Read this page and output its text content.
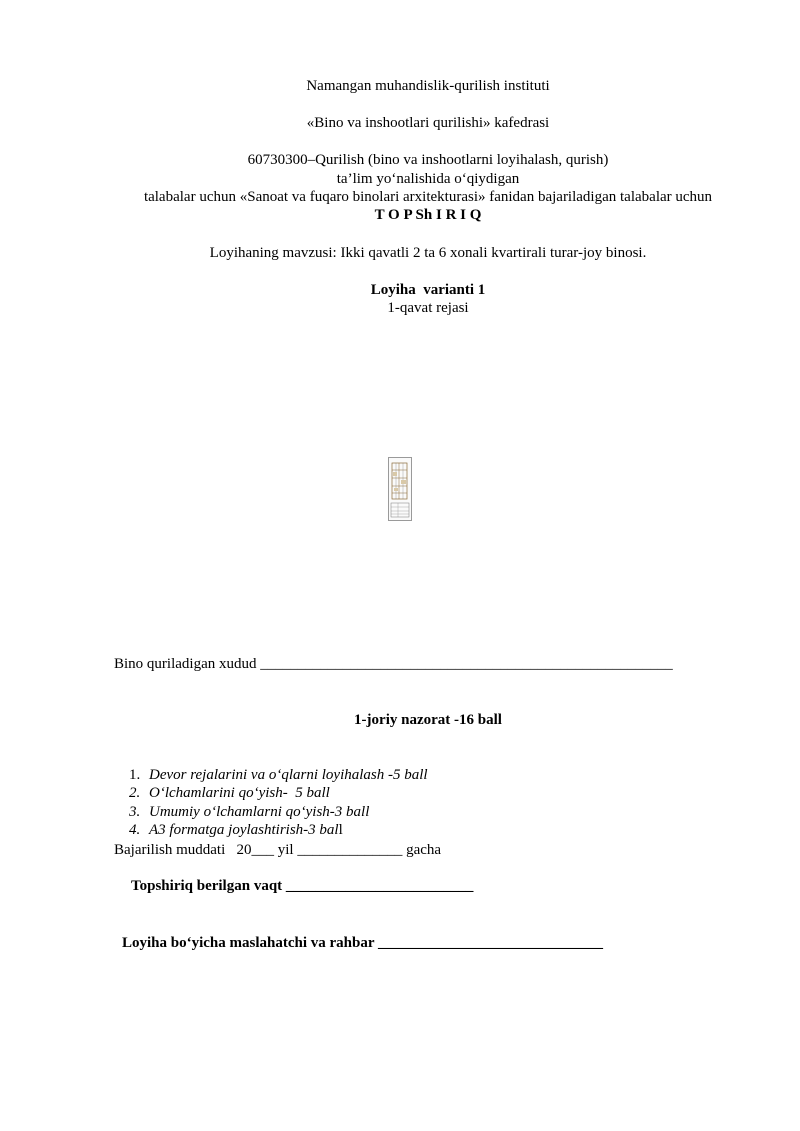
Namangan muhandislik-qurilish instituti
«Bino va inshootlari qurilishi» kafedrasi
60730300–Qurilish (bino va inshootlarni loyihalash, qurish)
ta’lim yo‘nalishida o‘qiydigan
talabalar uchun «Sanoat va fuqaro binolari arxitekturasi» fanidan bajariladigan talabalar uchun
T O P Sh I R I Q
Loyihaning mavzusi: Ikki qavatli 2 ta 6 xonali kvartirali turar-joy binosi.
Loyiha  varianti 1
1-qavat rejasi
Bino quriladigan xudud _______________________________________________________
1-joriy nazorat -16 ball

1. Devor rejalarini va o‘qlarni loyihalash -5 ball

2. O‘lchamlarini qo‘yish-  5 ball

3. Umumiy o‘lchamlarni qo‘yish-3 ball

4. A3 formatga joylashtirish-3 ball

Bajarilish muddati   20___ yil ______________ gacha
Topshiriq berilgan vaqt _________________________
Loyiha bo‘yicha maslahatchi va rahbar ______________________________
